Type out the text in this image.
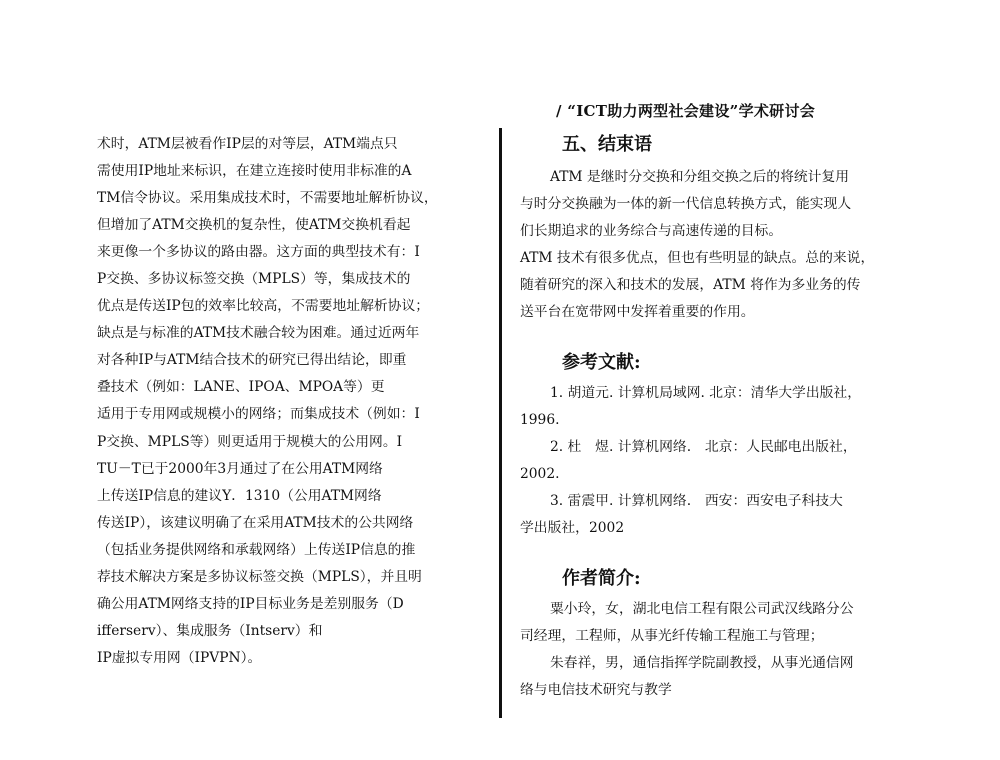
/ “ICT助力两型社会建设”学术研讨会
术时，ATM层被看作IP层的对等层，ATM端点只
需使用IP地址来标识，在建立连接时使用非标准的A
TM信令协议。采用集成技术时，不需要地址解析协议，
但增加了ATM交换机的复杂性，使ATM交换机看起
来更像一个多协议的路由器。这方面的典型技术有：I
P交换、多协议标签交换（MPLS）等，集成技术的
优点是传送IP包的效率比较高，不需要地址解析协议；
缺点是与标准的ATM技术融合较为困难。通过近两年
对各种IP与ATM结合技术的研究已得出结论，即重
叠技术（例如：LANE、IPOA、MPOA等）更
适用于专用网或规模小的网络；而集成技术（例如：I
P交换、MPLS等）则更适用于规模大的公用网。I
TU－T已于2000年3月通过了在公用ATM网络
上传送IP信息的建议Y．1310（公用ATM网络
传送IP），该建议明确了在采用ATM技术的公共网络
（包括业务提供网络和承载网络）上传送IP信息的推
荐技术解决方案是多协议标签交换（MPLS），并且明
确公用ATM网络支持的IP目标业务是差别服务（D
ifferserv）、集成服务（Intserv）和
IP虚拟专用网（IPVPN）。
五、结束语
ATM 是继时分交换和分组交换之后的将统计复用
与时分交换融为一体的新一代信息转换方式，能实现人
们长期追求的业务综合与高速传递的目标。
ATM 技术有很多优点，但也有些明显的缺点。总的来说，
随着研究的深入和技术的发展，ATM 将作为多业务的传
送平台在宽带网中发挥着重要的作用。
参考文献:
1. 胡道元. 计算机局域网. 北京：清华大学出版社，
1996.
2. 杜　煜. 计算机网络.　北京：人民邮电出版社，
2002.
3. 雷震甲. 计算机网络.　西安：西安电子科技大
学出版社，2002
作者简介:
粟小玲，女，湖北电信工程有限公司武汉线路分公
司经理，工程师，从事光纤传输工程施工与管理；
朱春祥，男，通信指挥学院副教授，从事光通信网
络与电信技术研究与教学
